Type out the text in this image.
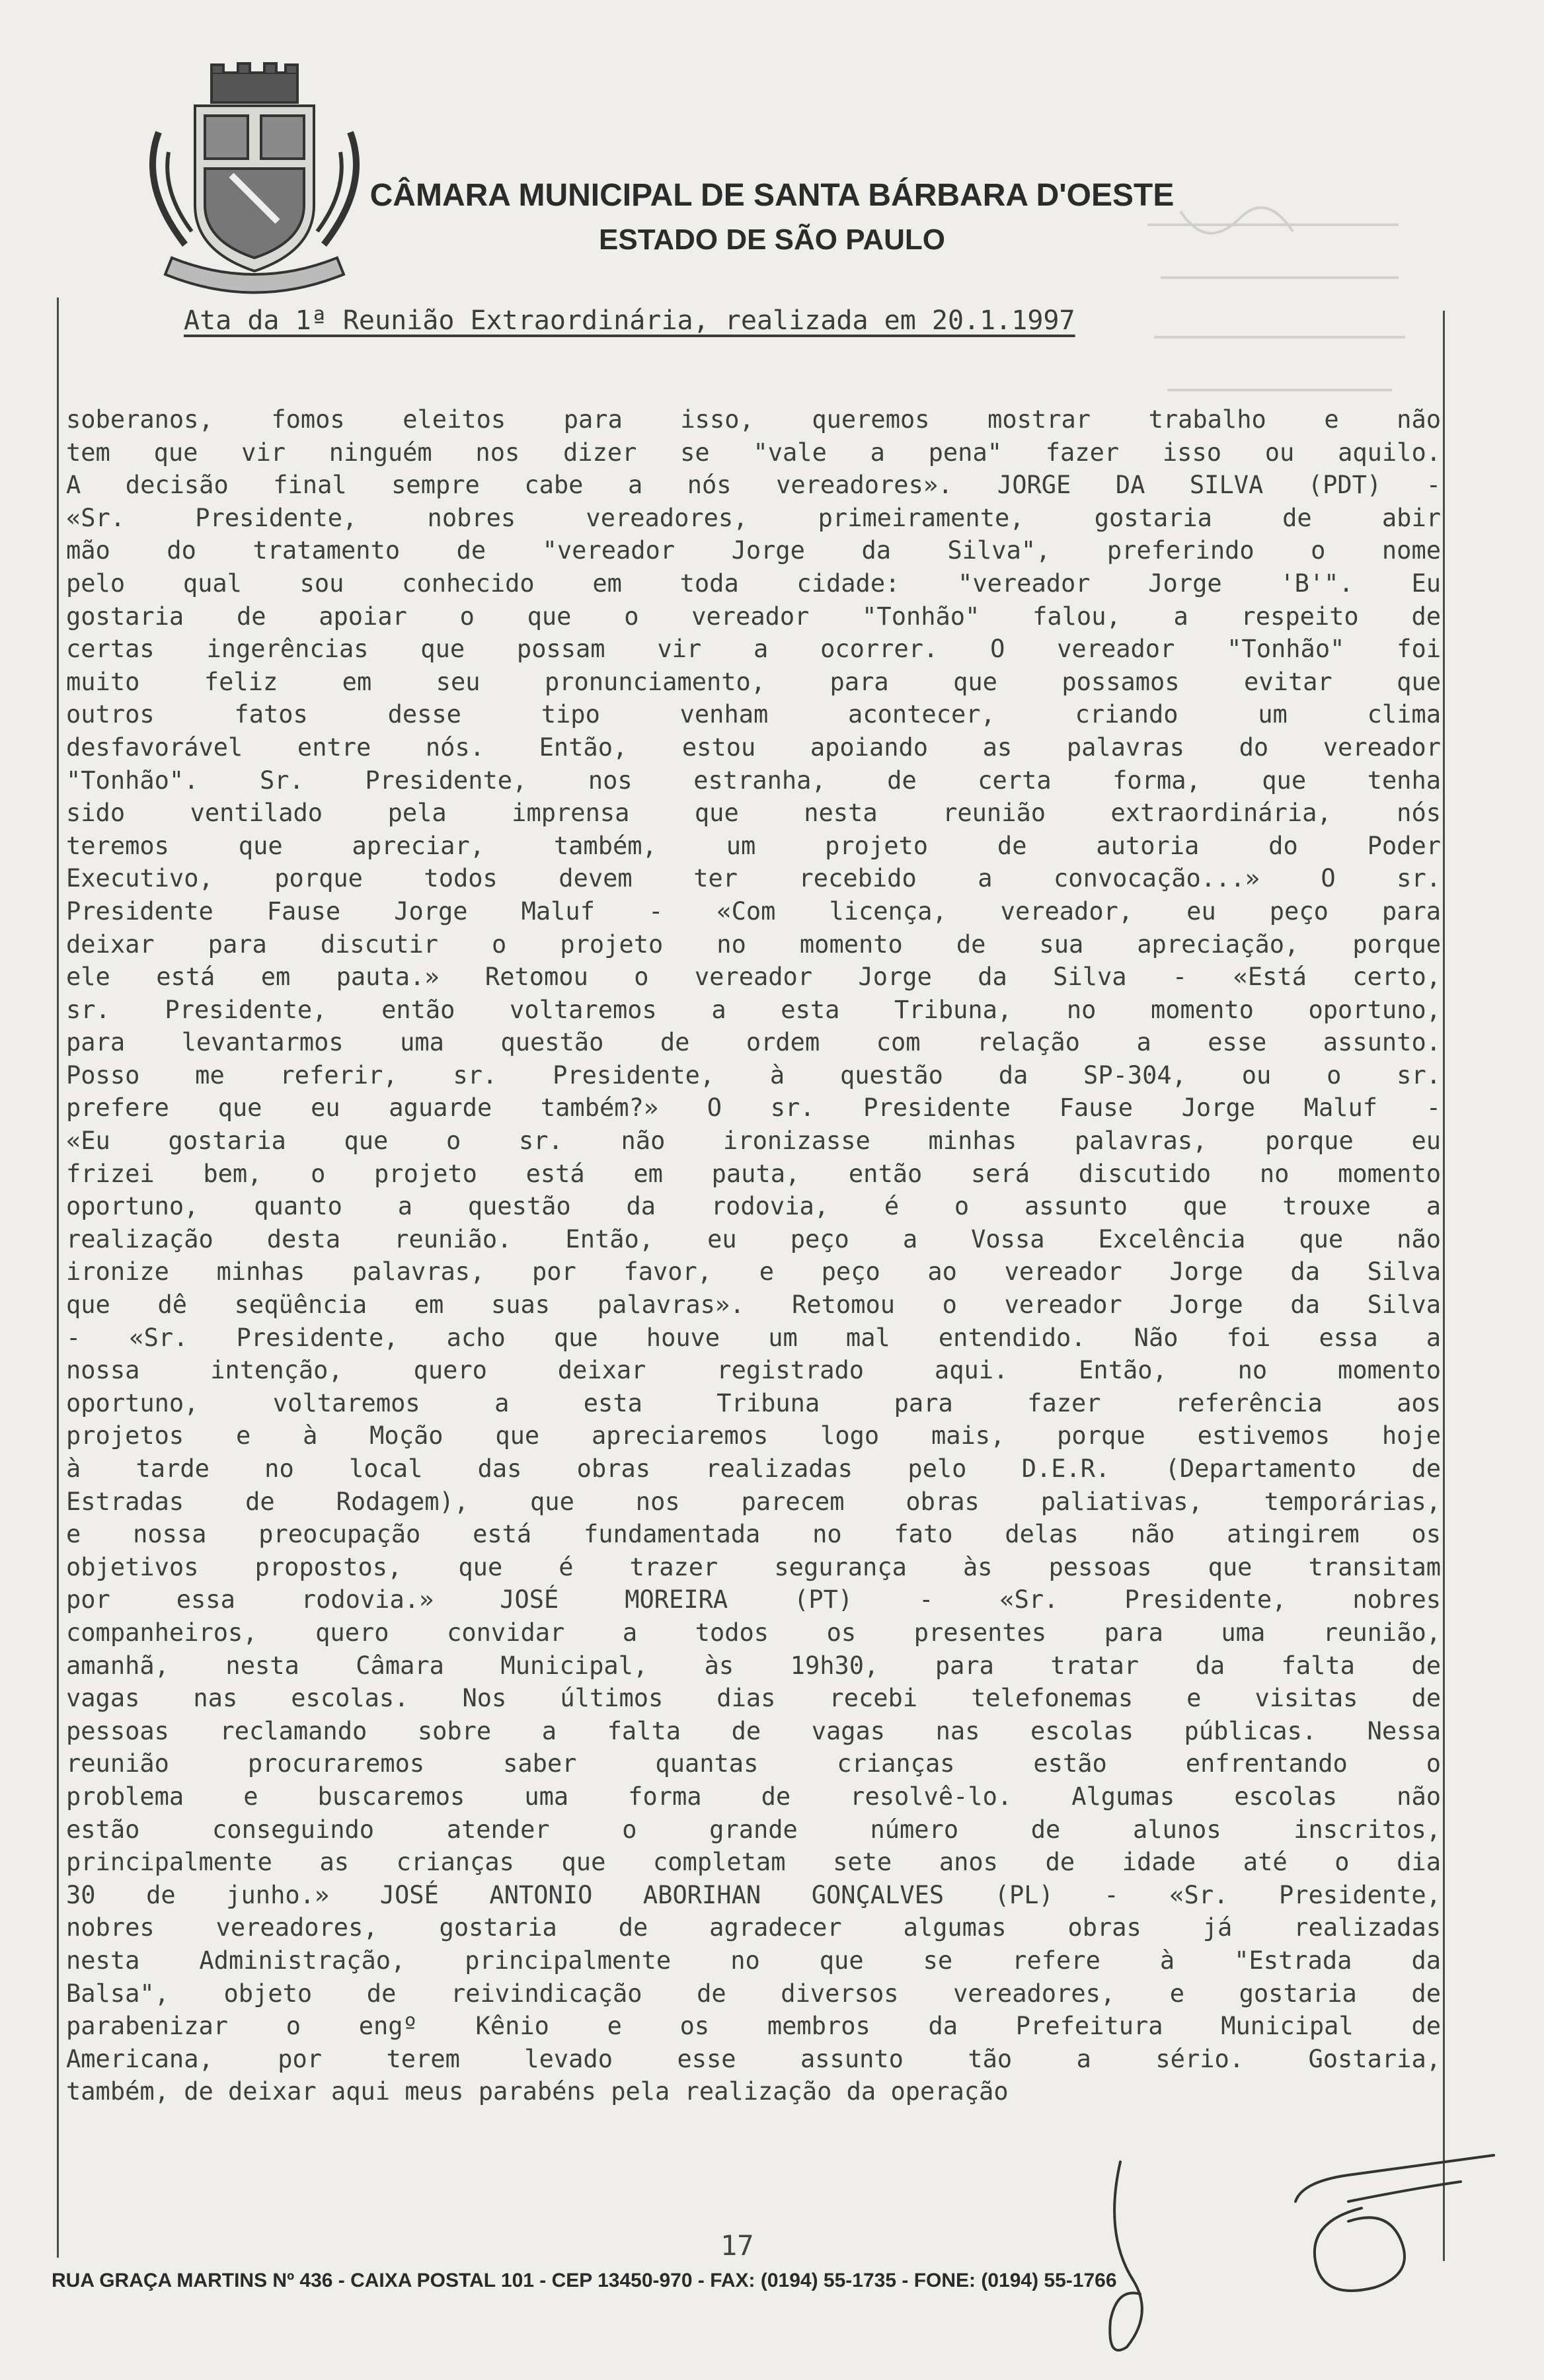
CÂMARA MUNICIPAL DE SANTA BÁRBARA D'OESTE
ESTADO DE SÃO PAULO
Ata da 1ª Reunião Extraordinária, realizada em 20.1.1997
soberanos, fomos eleitos para isso, queremos mostrar trabalho e não
tem que vir ninguém nos dizer se "vale a pena" fazer isso ou aquilo.
A decisão final sempre cabe a nós vereadores». JORGE DA SILVA (PDT) -
«Sr. Presidente, nobres vereadores, primeiramente, gostaria de abir
mão do tratamento de "vereador Jorge da Silva", preferindo o nome
pelo qual sou conhecido em toda cidade: "vereador Jorge 'B'". Eu
gostaria de apoiar o que o vereador "Tonhão" falou, a respeito de
certas ingerências que possam vir a ocorrer. O vereador "Tonhão" foi
muito feliz em seu pronunciamento, para que possamos evitar que
outros fatos desse tipo venham acontecer, criando um clima
desfavorável entre nós. Então, estou apoiando as palavras do vereador
"Tonhão". Sr. Presidente, nos estranha, de certa forma, que tenha
sido ventilado pela imprensa que nesta reunião extraordinária, nós
teremos que apreciar, também, um projeto de autoria do Poder
Executivo, porque todos devem ter recebido a convocação...» O sr.
Presidente Fause Jorge Maluf - «Com licença, vereador, eu peço para
deixar para discutir o projeto no momento de sua apreciação, porque
ele está em pauta.» Retomou o vereador Jorge da Silva - «Está certo,
sr. Presidente, então voltaremos a esta Tribuna, no momento oportuno,
para levantarmos uma questão de ordem com relação a esse assunto.
Posso me referir, sr. Presidente, à questão da SP-304, ou o sr.
prefere que eu aguarde também?» O sr. Presidente Fause Jorge Maluf -
«Eu gostaria que o sr. não ironizasse minhas palavras, porque eu
frizei bem, o projeto está em pauta, então será discutido no momento
oportuno, quanto a questão da rodovia, é o assunto que trouxe a
realização desta reunião. Então, eu peço a Vossa Excelência que não
ironize minhas palavras, por favor, e peço ao vereador Jorge da Silva
que dê seqüência em suas palavras». Retomou o vereador Jorge da Silva
- «Sr. Presidente, acho que houve um mal entendido. Não foi essa a
nossa intenção, quero deixar registrado aqui. Então, no momento
oportuno, voltaremos a esta Tribuna para fazer referência aos
projetos e à Moção que apreciaremos logo mais, porque estivemos hoje
à tarde no local das obras realizadas pelo D.E.R. (Departamento de
Estradas de Rodagem), que nos parecem obras paliativas, temporárias,
e nossa preocupação está fundamentada no fato delas não atingirem os
objetivos propostos, que é trazer segurança às pessoas que transitam
por essa rodovia.» JOSÉ MOREIRA (PT) - «Sr. Presidente, nobres
companheiros, quero convidar a todos os presentes para uma reunião,
amanhã, nesta Câmara Municipal, às 19h30, para tratar da falta de
vagas nas escolas. Nos últimos dias recebi telefonemas e visitas de
pessoas reclamando sobre a falta de vagas nas escolas públicas. Nessa
reunião procuraremos saber quantas crianças estão enfrentando o
problema e buscaremos uma forma de resolvê-lo. Algumas escolas não
estão conseguindo atender o grande número de alunos inscritos,
principalmente as crianças que completam sete anos de idade até o dia
30 de junho.» JOSÉ ANTONIO ABORIHAN GONÇALVES (PL) - «Sr. Presidente,
nobres vereadores, gostaria de agradecer algumas obras já realizadas
nesta Administração, principalmente no que se refere à "Estrada da
Balsa", objeto de reivindicação de diversos vereadores, e gostaria de
parabenizar o engº Kênio e os membros da Prefeitura Municipal de
Americana, por terem levado esse assunto tão a sério. Gostaria,
também, de deixar aqui meus parabéns pela realização da operação
17
RUA GRAÇA MARTINS Nº 436 - CAIXA POSTAL 101 - CEP 13450-970 - FAX: (0194) 55-1735 - FONE: (0194) 55-1766
